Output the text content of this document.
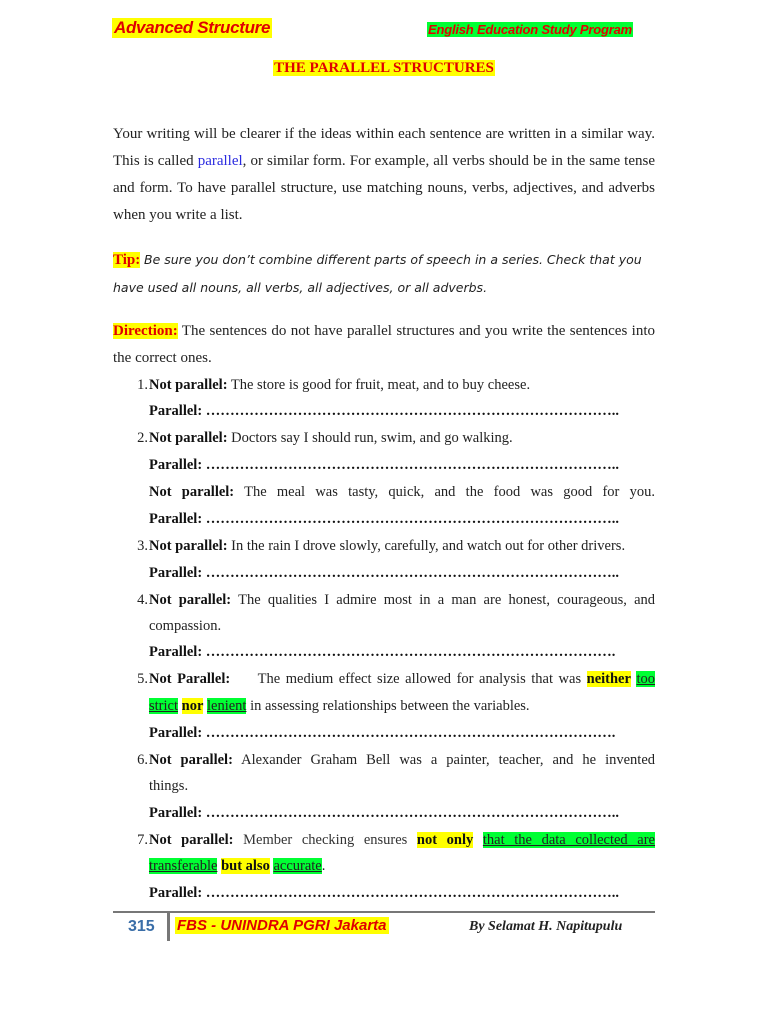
Advanced Structure	English Education Study Program
THE PARALLEL STRUCTURES
Your writing will be clearer if the ideas within each sentence are written in a similar way. This is called parallel, or similar form. For example, all verbs should be in the same tense and form. To have parallel structure, use matching nouns, verbs, adjectives, and adverbs when you write a list.
Tip: Be sure you don’t combine different parts of speech in a series. Check that you have used all nouns, all verbs, all adjectives, or all adverbs.
Direction: The sentences do not have parallel structures and you write the sentences into the correct ones.
1. Not parallel: The store is good for fruit, meat, and to buy cheese.
Parallel: …………………………………………………………………………..
2. Not parallel: Doctors say I should run, swim, and go walking.
Parallel: …………………………………………………………………………..
Not parallel: The meal was tasty, quick, and the food was good for you.
Parallel: …………………………………………………………………………..
3. Not parallel: In the rain I drove slowly, carefully, and watch out for other drivers.
Parallel: …………………………………………………………………………..
4. Not parallel: The qualities I admire most in a man are honest, courageous, and
compassion.
Parallel: ………………………………………………………………………….
5. Not Parallel:     The medium effect size allowed for analysis that was neither too
strict nor lenient in assessing relationships between the variables.
Parallel: ………………………………………………………………………….
6. Not parallel: Alexander Graham Bell was a painter, teacher, and he invented
things.
Parallel: …………………………………………………………………………..
7. Not parallel: Member checking ensures not only that the data collected are
transferable but also accurate.
Parallel: …………………………………………………………………………..
315 FBS - UNINDRA PGRI Jakarta	By Selamat H. Napitupulu
